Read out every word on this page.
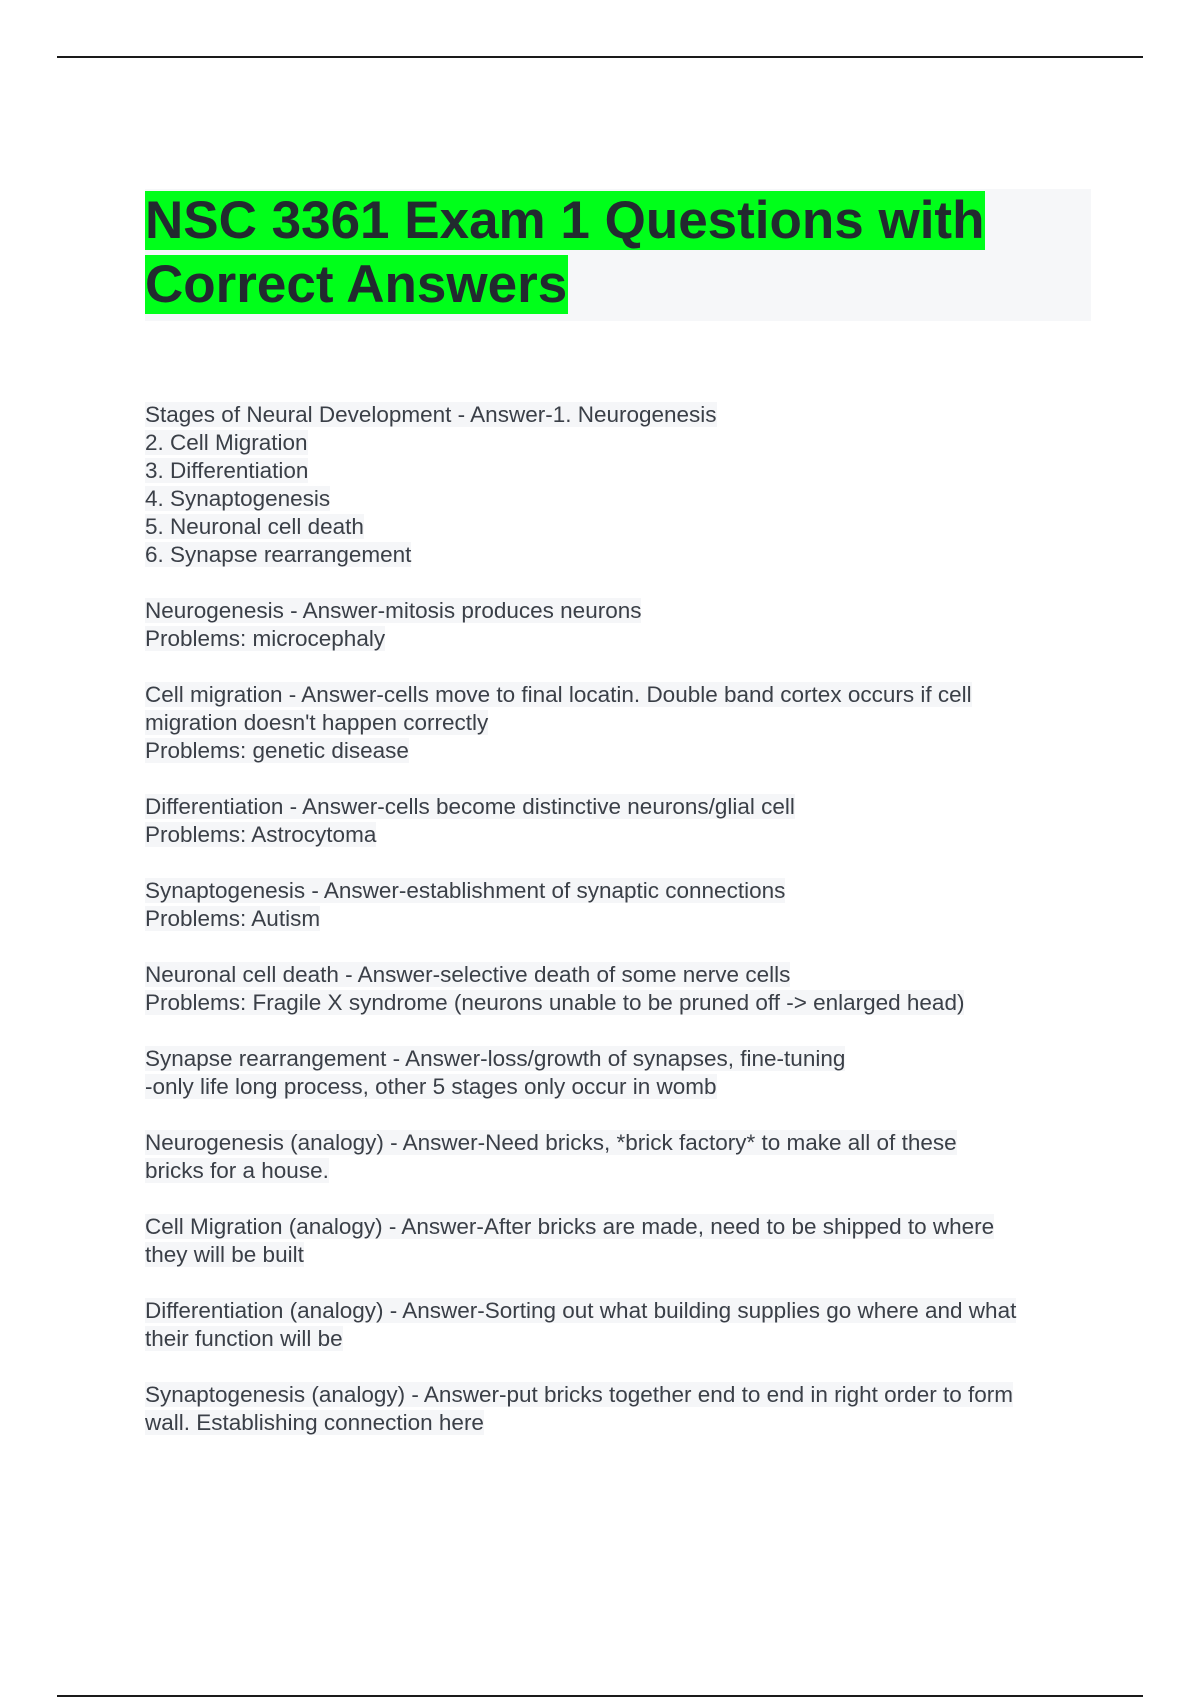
NSC 3361 Exam 1 Questions with
Correct Answers
Stages of Neural Development - Answer-1. Neurogenesis
2. Cell Migration
3. Differentiation
4. Synaptogenesis
5. Neuronal cell death
6. Synapse rearrangement
Neurogenesis - Answer-mitosis produces neurons
Problems: microcephaly
Cell migration - Answer-cells move to final locatin. Double band cortex occurs if cell
migration doesn't happen correctly
Problems: genetic disease
Differentiation - Answer-cells become distinctive neurons/glial cell
Problems: Astrocytoma
Synaptogenesis - Answer-establishment of synaptic connections
Problems: Autism
Neuronal cell death - Answer-selective death of some nerve cells
Problems: Fragile X syndrome (neurons unable to be pruned off -> enlarged head)
Synapse rearrangement - Answer-loss/growth of synapses, fine-tuning
-only life long process, other 5 stages only occur in womb
Neurogenesis (analogy) - Answer-Need bricks, *brick factory* to make all of these
bricks for a house.
Cell Migration (analogy) - Answer-After bricks are made, need to be shipped to where
they will be built
Differentiation (analogy) - Answer-Sorting out what building supplies go where and what
their function will be
Synaptogenesis (analogy) - Answer-put bricks together end to end in right order to form
wall. Establishing connection here
